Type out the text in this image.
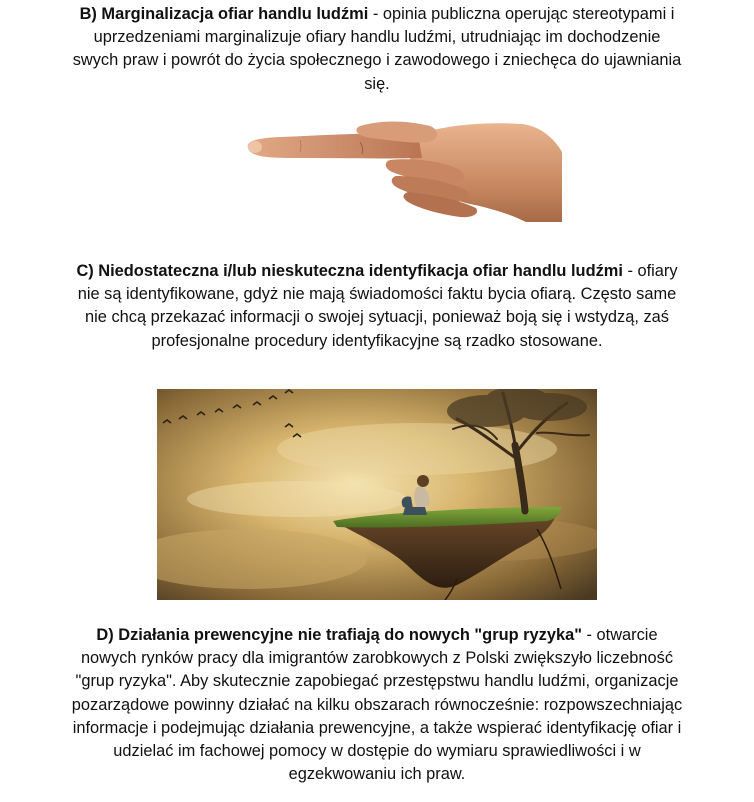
B) Marginalizacja ofiar handlu ludźmi - opinia publiczna operując stereotypami i uprzedzeniami marginalizuje ofiary handlu ludźmi, utrudniając im dochodzenie swych praw i powrót do życia społecznego i zawodowego i zniechęca do ujawniania się.

C) Niedostateczna i/lub nieskuteczna identyfikacja ofiar handlu ludźmi - ofiary nie są identyfikowane, gdyż nie mają świadomości faktu bycia ofiarą. Często same nie chcą przekazać informacji o swojej sytuacji, ponieważ boją się i wstydzą, zaś profesjonalne procedury identyfikacyjne są rzadko stosowane.

D) Działania prewencyjne nie trafiają do nowych "grup ryzyka" - otwarcie nowych rynków pracy dla imigrantów zarobkowych z Polski zwiększyło liczebność "grup ryzyka". Aby skutecznie zapobiegać przestępstwu handlu ludźmi, organizacje pozarządowe powinny działać na kilku obszarach równocześnie: rozpowszechniając informacje i podejmując działania prewencyjne, a także wspierać identyfikację ofiar i udzielać im fachowej pomocy w dostępie do wymiaru sprawiedliwości i w egzekwowaniu ich praw.
